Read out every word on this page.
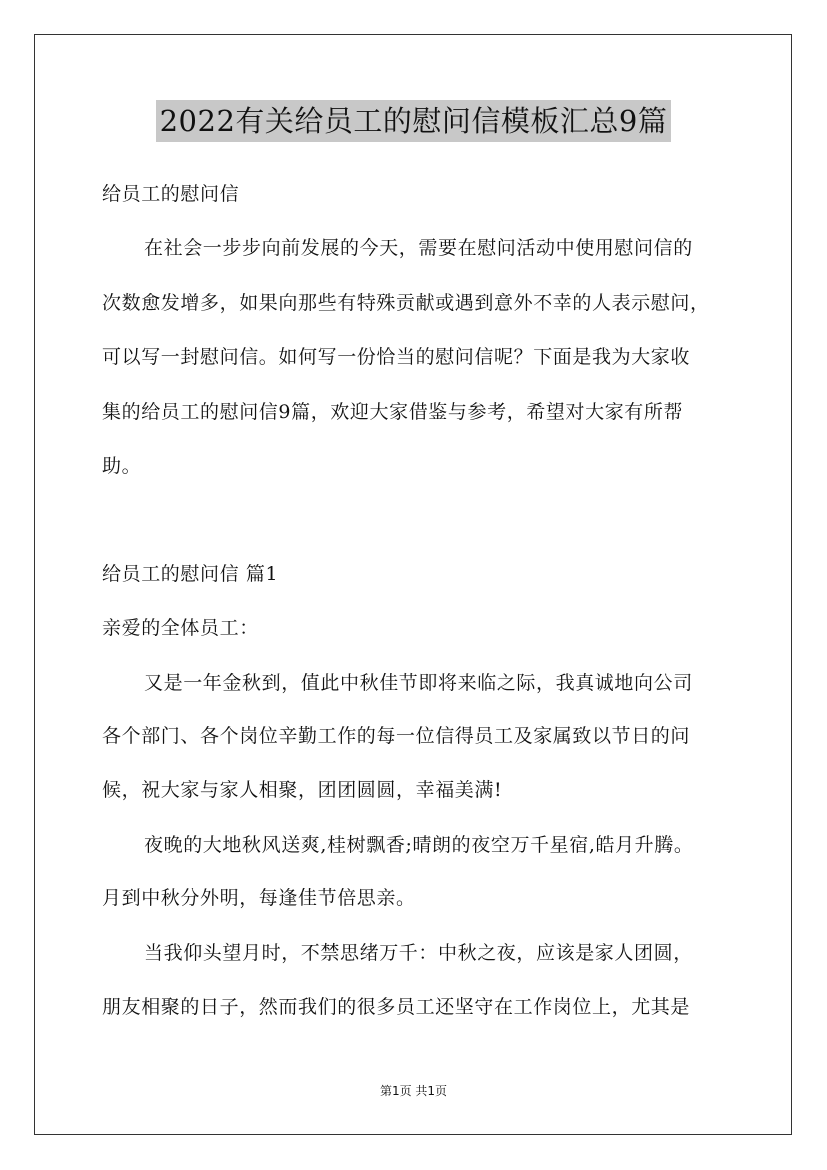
2022有关给员工的慰问信模板汇总9篇
给员工的慰问信
在社会一步步向前发展的今天，需要在慰问活动中使用慰问信的
次数愈发增多，如果向那些有特殊贡献或遇到意外不幸的人表示慰问，
可以写一封慰问信。如何写一份恰当的慰问信呢？下面是我为大家收
集的给员工的慰问信9篇，欢迎大家借鉴与参考，希望对大家有所帮
助。
给员工的慰问信 篇1
亲爱的全体员工：
又是一年金秋到，值此中秋佳节即将来临之际，我真诚地向公司
各个部门、各个岗位辛勤工作的每一位信得员工及家属致以节日的问
候，祝大家与家人相聚，团团圆圆，幸福美满!
夜晚的大地秋风送爽,桂树飘香;晴朗的夜空万千星宿,皓月升腾。
月到中秋分外明，每逢佳节倍思亲。
当我仰头望月时，不禁思绪万千：中秋之夜，应该是家人团圆，
朋友相聚的日子，然而我们的很多员工还坚守在工作岗位上，尤其是
第1页 共1页
